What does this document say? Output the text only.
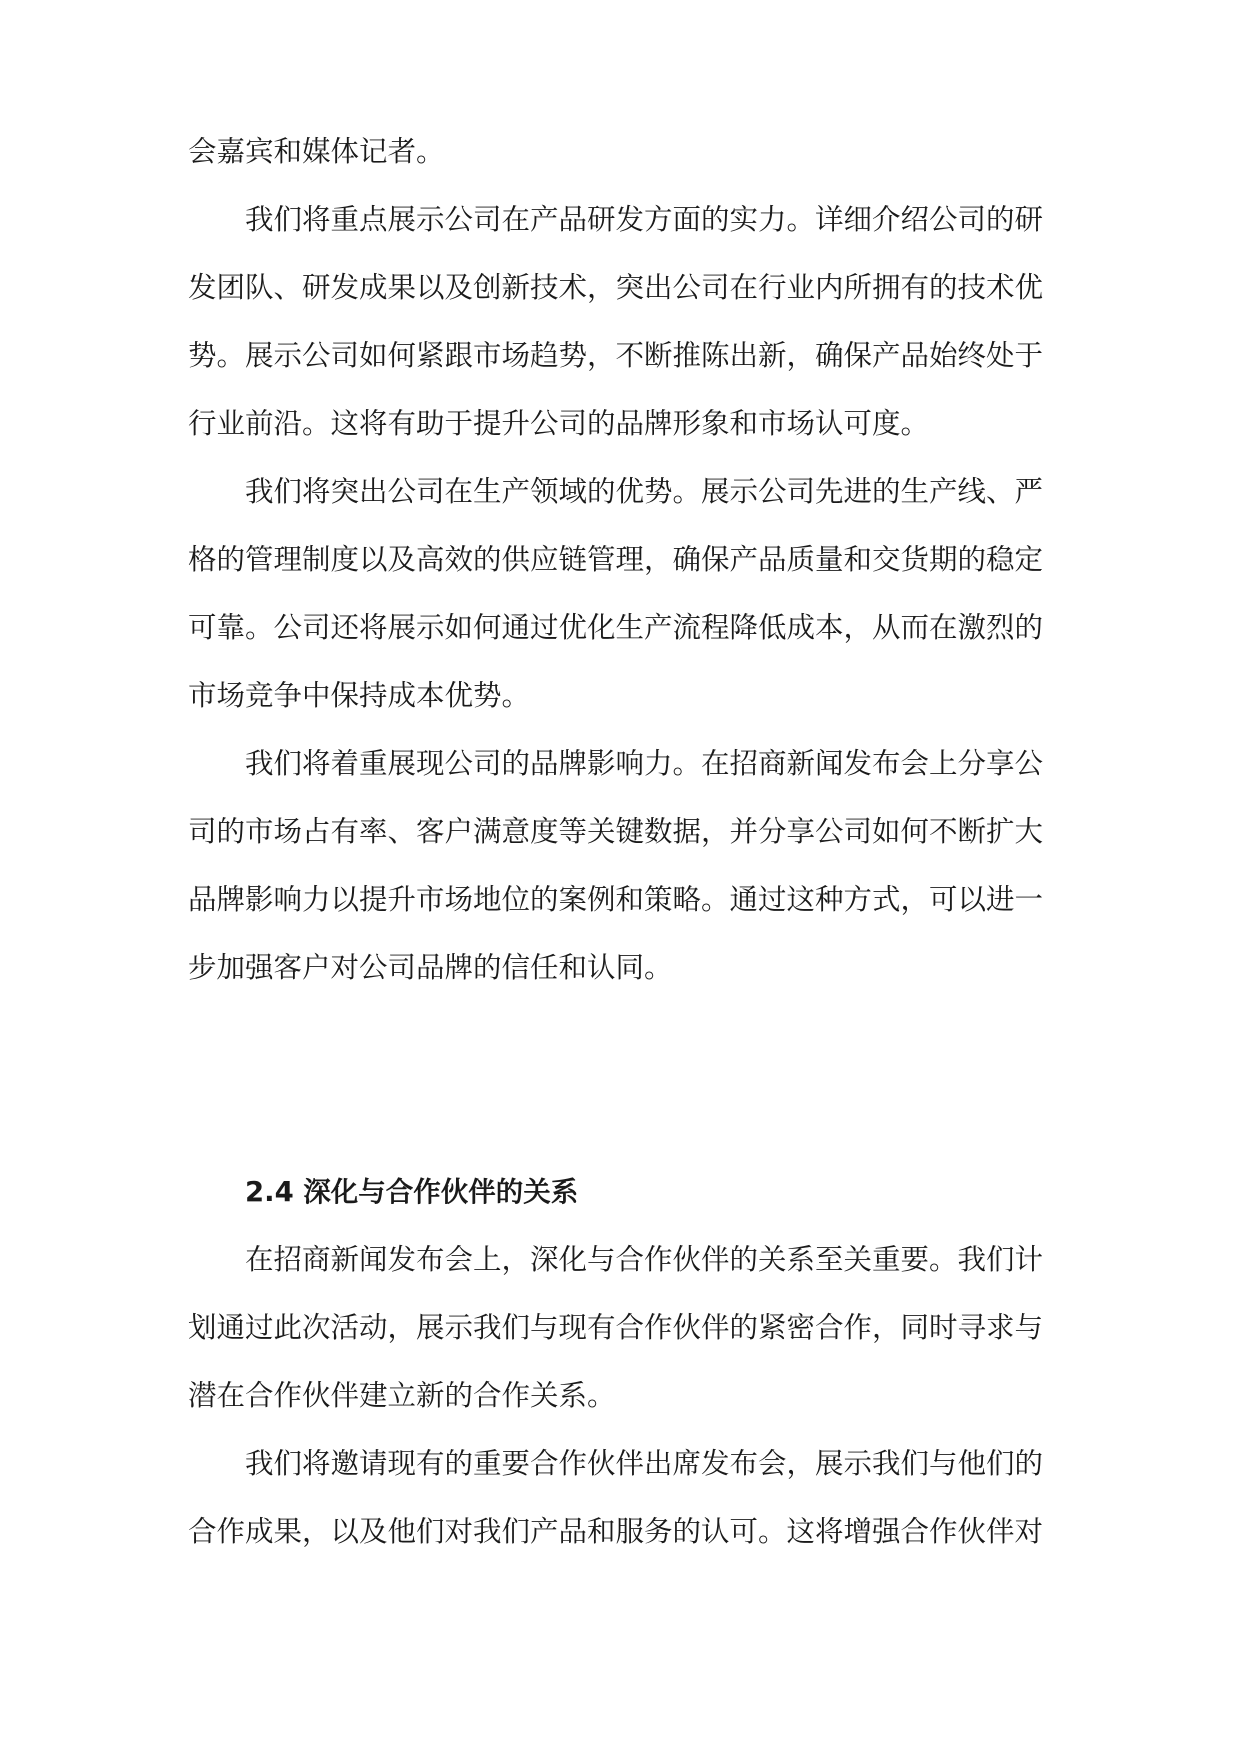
会嘉宾和媒体记者。

我们将重点展示公司在产品研发方面的实力。详细介绍公司的研

发团队、研发成果以及创新技术，突出公司在行业内所拥有的技术优

势。展示公司如何紧跟市场趋势，不断推陈出新，确保产品始终处于

行业前沿。这将有助于提升公司的品牌形象和市场认可度。

我们将突出公司在生产领域的优势。展示公司先进的生产线、严

格的管理制度以及高效的供应链管理，确保产品质量和交货期的稳定

可靠。公司还将展示如何通过优化生产流程降低成本，从而在激烈的

市场竞争中保持成本优势。

我们将着重展现公司的品牌影响力。在招商新闻发布会上分享公

司的市场占有率、客户满意度等关键数据，并分享公司如何不断扩大

品牌影响力以提升市场地位的案例和策略。通过这种方式，可以进一

步加强客户对公司品牌的信任和认同。

2.4 深化与合作伙伴的关系

在招商新闻发布会上，深化与合作伙伴的关系至关重要。我们计

划通过此次活动，展示我们与现有合作伙伴的紧密合作，同时寻求与

潜在合作伙伴建立新的合作关系。

我们将邀请现有的重要合作伙伴出席发布会，展示我们与他们的

合作成果，以及他们对我们产品和服务的认可。这将增强合作伙伴对
